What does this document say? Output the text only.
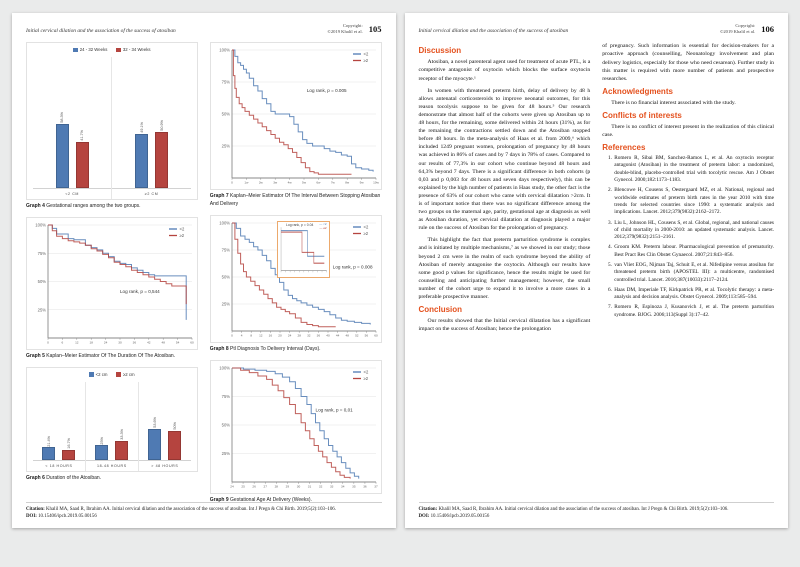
Initial cervical dilation and the association of the success of atosiban
Copyright:
©2019 Khalil et al. 105
24 - 32 Weeks	32 - 34 Weeks
58.3%
41.7%
<2 CM
49.1%	50.9%
≥2 CM
Graph 4 Gestational ranges among the two groups.
100%
75%
50%
25%
0	6	12	18	24	30	36	42	48	54	60
<2
≥2
Log rank, p = 0,544
Graph 5 Kaplan–Meier Estimator Of The Duration Of The Atosiban.
<2 cm	≥2 cm
21.4%	16.7%
< 18 HOURS
25%
33.3%
18-48 HOURS
53.6%	50%
> 48 HOURS
Graph 6 Duration of the Atosiban.
100%
75%
50%
25%
0	1w	2w	3w	4w	5w	6w	7w	8w	9w	10w
<2
≥2
Log rank, p = 0.005
Graph 7 Kaplan–Meier Estimator Of The Interval Between Stopping Atosiban And Delivery
100%
75%
50%
25%
0	4	8 12 16 20 24 28 32 36 40 44 48 52 56 60
<2
≥2
Log rank, p = 0.008
Log rank, p = 0.04 — <2
— ≥2
Graph 8 Ptl Diagnosis To Delivery Interval (Days).
100%
75%
50%
25%
24 25 26 27 28 29 30 31 32 33 34 35 36 37
<2
≥2
Log rank, p = 0,01
Graph 9 Gestational Age At Delivery (Weeks).
Citation: Khalil MA, Saad R, Ibrahim AA. Initial cervical dilation and the association of the success of atosiban. Int J Pregn & Chi Birth. 2019;5(2):103–106.
DOI: 10.15406/ipcb.2019.05.00156
Initial cervical dilation and the association of the success of atosiban
Copyright:
©2019 Khalil et al. 106
Discussion

Atosiban, a novel parenteral agent used for treatment of acute PTL, is a competitive antagonist of oxytocin which blocks the surface oxytocin receptor of the myocyte.¹

In women with threatened preterm birth, delay of delivery by 48 h allows antenatal corticosteroids to improve neonatal outcomes, for this reason tocolysis suppose to be given for 48 hours.⁵ Our research demonstrate that almost half of the cohorts were given up Atosiban up to 48 hours, for the remaining, some delivered within 24 hours (31%), as for the remaining the contractions settled down and the Atosiban stopped before 48 hours. In the meta-analysis of Haas et al. from 2009,⁶ which included 1249 pregnant women, prolongation of pregnancy by 48 hours was achieved in 86% of cases and by 7 days in 78% of cases. Compared to our results of 77,3% in our cohort who continue beyond 48 hours and 64,3% beyond 7 days. There is a significant difference in both cohorts (p 0,03 and p 0,003 for 48 hours and seven days respectively), this can be explained by the high number of patients in Haas study, the other fact is the presence of 63% of our cohort who came with cervical dilatation >2cm. It is of important notice that there was no significant difference among the two groups on the maternal age, parity, gestational age at diagnosis as well as Atosiban duration, yet cervical dilatation at diagnosis played a major rule on the success of Atosiban for the prolongation of pregnancy.

This highlight the fact that preterm parturition syndrome is complex and is initiated by multiple mechanisms,⁷ as we showed in our study; those beyond 2 cm were in the realm of such syndrome beyond the ability of Atosiban of merely antagonise the oxytocin. Although our results have some good p values for significance, hence the results might be used for counselling and anticipating further management; however, the small number of the cohort urge to expand it to involve a more cases in a preferable prospective manner.

Conclusion

Our results showed that the Initial cervical dilatation has a significant impact on the success of Atosiban; hence the prolongation

of pregnancy. Such information is essential for decision-makers for a proactive approach (counselling, Neonatology involvement and plan delivery logistics, especially for those who need cesarean). Further study in this matter is required with more number of patients and prospective researches.

Acknowledgments

There is no financial interest associated with the study.

Conflicts of interests

There is no conflict of interest present in the realization of this clinical case.

References
1. Romero R, Sibai BM, Sanchez-Ramos L, et al. An oxytocin receptor antagonist (Atosiban) in the treatment of preterm labor: a randomized, double-blind, placebo-controlled trial with tocolytic rescue. Am J Obstet Gynecol. 2000;182:1173–1183.
2. Blencowe H, Cousens S, Oestergaard MZ, et al. National, regional and worldwide estimates of preterm birth rates in the year 2010 with time trends for selected countries since 1990: a systematic analysis and implications. Lancet. 2012;379(9832):2162–2172.
3. Liu L, Johnson HL, Cousens S, et al. Global, regional, and national causes of child mortality in 2000-2010: an updated systematic analysis. Lancet. 2012;379(9832):2151–2161.
4. Groom KM. Preterm labour. Pharmacological prevention of prematurity. Best Pract Res Clin Obstet Gynaecol. 2007;21:843–856.
5. van Vliet EOG, Nijman Taj, Schuit E, et al. Nifedipine versus atosiban for threatened preterm birth (APOSTEL III): a multicentre, randomised controlled trial. Lancet. 2016;387(10033):2117–2124.
6. Haas DM, Imperiale TF, Kirkpatrick PR, et al. Tocolytic therapy: a meta-analysis and decision analysis. Obstet Gynecol. 2009;113:585–594.
7. Romero R, Espinoza J, Kusanovich J, et al. The preterm parturition syndrome. BJOG. 2006;113(Suppl 3):17–42.
Citation: Khalil MA, Saad R, Ibrahim AA. Initial cervical dilation and the association of the success of atosiban. Int J Pregn & Chi Birth. 2019;5(2):103–106.
DOI: 10.15406/ipcb.2019.05.00156
